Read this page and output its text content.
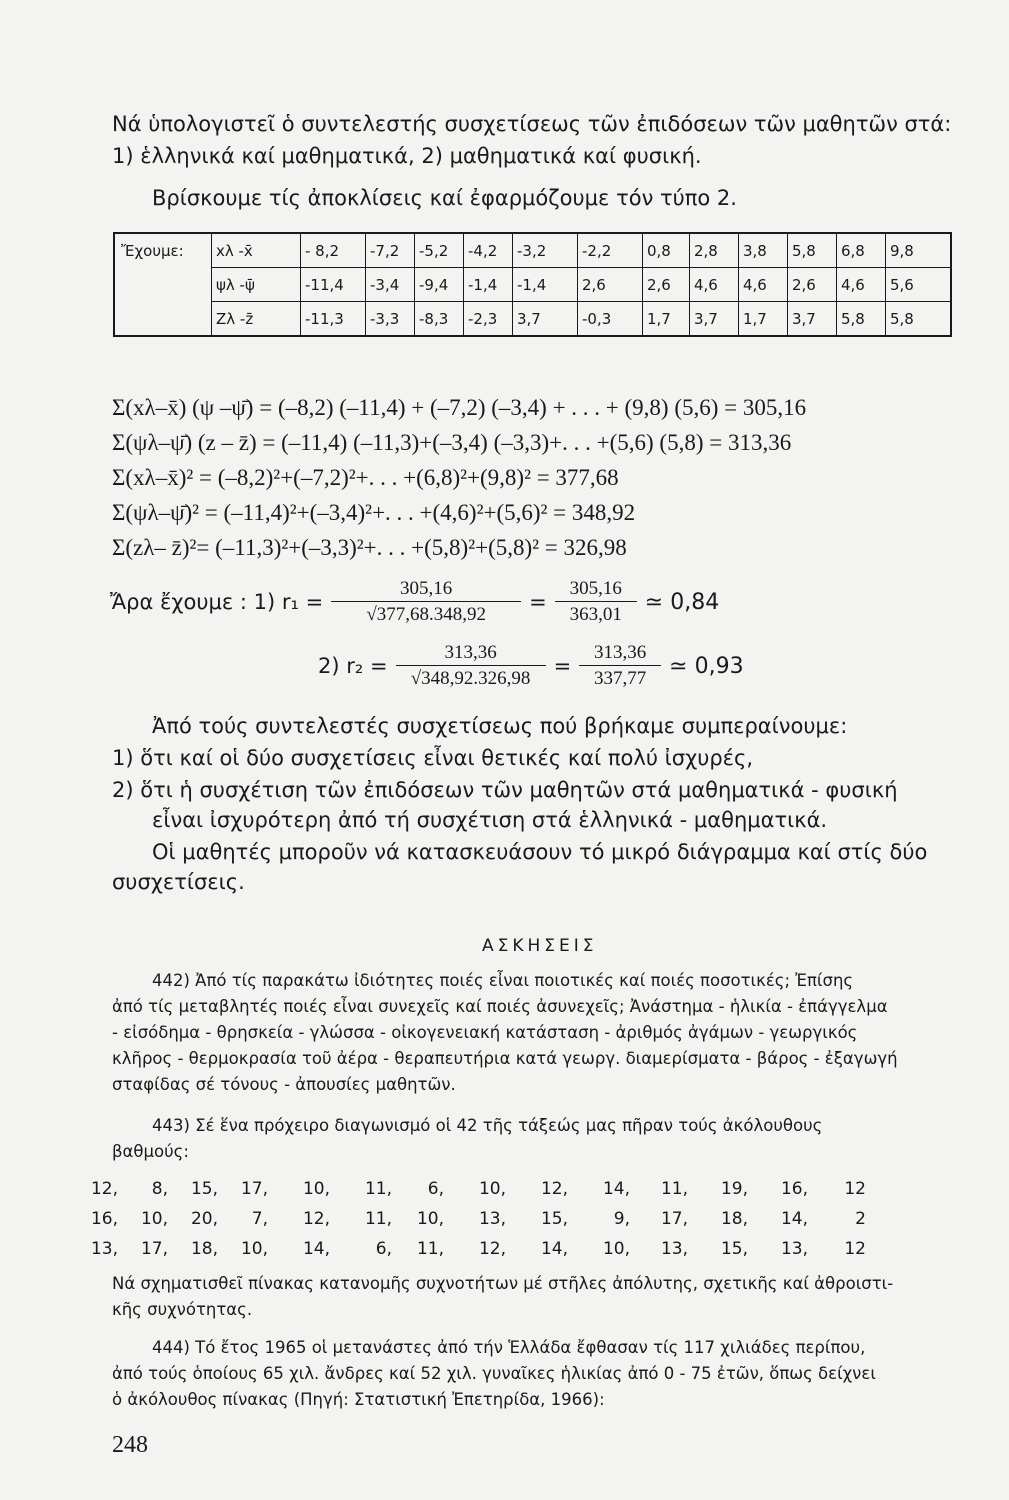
Νά ὑπολογιστεῖ ὁ συντελεστής συσχετίσεως τῶν ἐπιδόσεων τῶν μαθητῶν στά:
1) ἑλληνικά καί μαθηματικά, 2) μαθηματικά καί φυσική.
Βρίσκουμε τίς ἀποκλίσεις καί ἐφαρμόζουμε τόν τύπο 2.
Ἔχουμε:	xλ -x̄	- 8,2	-7,2	-5,2	-4,2	-3,2	-2,2	0,8	2,8	3,8	5,8	6,8	9,8
	ψλ -ψ̄	-11,4	-3,4	-9,4	-1,4	-1,4	2,6	2,6	4,6	4,6	2,6	4,6	5,6
	Zλ -z̄	-11,3	-3,3	-8,3	-2,3	3,7	-0,3	1,7	3,7	1,7	3,7	5,8	5,8
Σ(xλ–x̄) (ψ –ψ̄) = (–8,2) (–11,4) + (–7,2) (–3,4) + . . . + (9,8) (5,6) = 305,16
Σ(ψλ–ψ̄) (z – z̄) = (–11,4) (–11,3)+(–3,4) (–3,3)+. . . +(5,6) (5,8) = 313,36
Σ(xλ–x̄)² = (–8,2)²+(–7,2)²+. . . +(6,8)²+(9,8)² = 377,68
Σ(ψλ–ψ̄)² = (–11,4)²+(–3,4)²+. . . +(4,6)²+(5,6)² = 348,92
Σ(zλ– z̄)²= (–11,3)²+(–3,3)²+. . . +(5,8)²+(5,8)² = 326,98
Ἄρα ἔχουμε : 1) $r_1 = \frac{305,16}{√377,68.348,92} = \frac{305,16}{363,01}$ ≃ 0,84
2) $r_2 = \frac{313,36}{√348,92.326,98} = \frac{313,36}{337,77}$ ≃ 0,93
Ἀπό τούς συντελεστές συσχετίσεως πού βρήκαμε συμπεραίνουμε:
1) ὅτι καί οἱ δύο συσχετίσεις εἶναι θετικές καί πολύ ἰσχυρές,
2) ὅτι ἡ συσχέτιση τῶν ἐπιδόσεων τῶν μαθητῶν στά μαθηματικά - φυσική
εἶναι ἰσχυρότερη ἀπό τή συσχέτιση στά ἑλληνικά - μαθηματικά.
Οἱ μαθητές μποροῦν νά κατασκευάσουν τό μικρό διάγραμμα καί στίς δύο
συσχετίσεις.
ΑΣΚΗΣΕΙΣ
442) Ἀπό τίς παρακάτω ἰδιότητες ποιές εἶναι ποιοτικές καί ποιές ποσοτικές; Ἐπίσης
ἀπό τίς μεταβλητές ποιές εἶναι συνεχεῖς καί ποιές ἀσυνεχεῖς; Ἀνάστημα - ἡλικία - ἐπάγγελμα
- εἰσόδημα - θρησκεία - γλώσσα - οἰκογενειακή κατάσταση - ἀριθμός ἀγάμων - γεωργικός
κλῆρος - θερμοκρασία τοῦ ἀέρα - θεραπευτήρια κατά γεωργ. διαμερίσματα - βάρος - ἐξαγωγή
σταφίδας σέ τόνους - ἀπουσίες μαθητῶν.
443) Σέ ἕνα πρόχειρο διαγωνισμό οἱ 42 τῆς τάξεώς μας πῆραν τούς ἀκόλουθους
βαθμούς:
12, 8, 15, 17, 10, 11, 6, 10, 12, 14, 11, 19, 16, 12
16, 10, 20, 7, 12, 11, 10, 13, 15,	9, 17, 18, 14,	2
13, 17, 18, 10, 14,	6, 11, 12, 14, 10, 13, 15, 13, 12
Νά σχηματισθεῖ πίνακας κατανομῆς συχνοτήτων μέ στῆλες ἀπόλυτης, σχετικῆς καί ἀθροιστι-
κῆς συχνότητας.
444) Τό ἔτος 1965 οἱ μετανάστες ἀπό τήν Ἑλλάδα ἔφθασαν τίς 117 χιλιάδες περίπου,
ἀπό τούς ὁποίους 65 χιλ. ἄνδρες καί 52 χιλ. γυναῖκες ἡλικίας ἀπό 0 - 75 ἐτῶν, ὅπως δείχνει
ὁ ἀκόλουθος πίνακας (Πηγή: Στατιστική Ἐπετηρίδα, 1966):
248
